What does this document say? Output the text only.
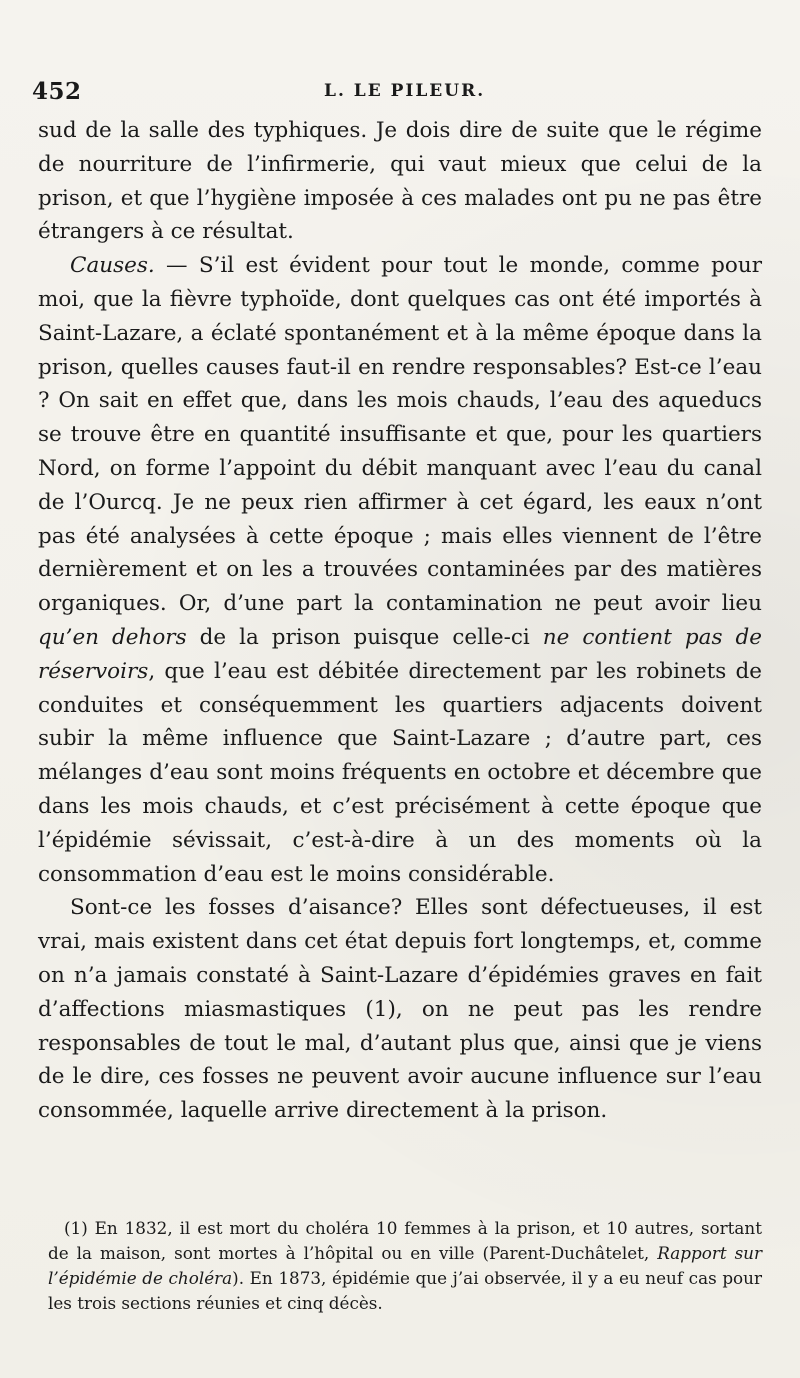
452	L. LE PILEUR.

sud de la salle des typhiques. Je dois dire de suite que le régime de nourriture de l’infirmerie, qui vaut mieux que celui de la prison, et que l’hygiène imposée à ces malades ont pu ne pas être étrangers à ce résultat.

Causes. — S’il est évident pour tout le monde, comme pour moi, que la fièvre typhoïde, dont quelques cas ont été importés à Saint-Lazare, a éclaté spontanément et à la même époque dans la prison, quelles causes faut-il en rendre responsables? Est-ce l’eau ? On sait en effet que, dans les mois chauds, l’eau des aqueducs se trouve être en quantité insuffisante et que, pour les quartiers Nord, on forme l’appoint du débit manquant avec l’eau du canal de l’Ourcq. Je ne peux rien affirmer à cet égard, les eaux n’ont pas été analysées à cette époque ; mais elles viennent de l’être dernièrement et on les a trouvées contaminées par des matières organiques. Or, d’une part la contamination ne peut avoir lieu qu’en dehors de la prison puisque celle-ci ne contient pas de réservoirs, que l’eau est débitée directement par les robinets de conduites et conséquemment les quartiers adjacents doivent subir la même influence que Saint-Lazare ; d’autre part, ces mélanges d’eau sont moins fréquents en octobre et décembre que dans les mois chauds, et c’est précisément à cette époque que l’épidémie sévissait, c’est-à-dire à un des moments où la consommation d’eau est le moins considérable.

Sont-ce les fosses d’aisance? Elles sont défectueuses, il est vrai, mais existent dans cet état depuis fort longtemps, et, comme on n’a jamais constaté à Saint-Lazare d’épidémies graves en fait d’affections miasmastiques (1), on ne peut pas les rendre responsables de tout le mal, d’autant plus que, ainsi que je viens de le dire, ces fosses ne peuvent avoir aucune influence sur l’eau consommée, laquelle arrive directement à la prison.

(1) En 1832, il est mort du choléra 10 femmes à la prison, et 10 autres, sortant de la maison, sont mortes à l’hôpital ou en ville (Parent-Duchâtelet, Rapport sur l’épidémie de choléra). En 1873, épidémie que j’ai observée, il y a eu neuf cas pour les trois sections réunies et cinq décès.
